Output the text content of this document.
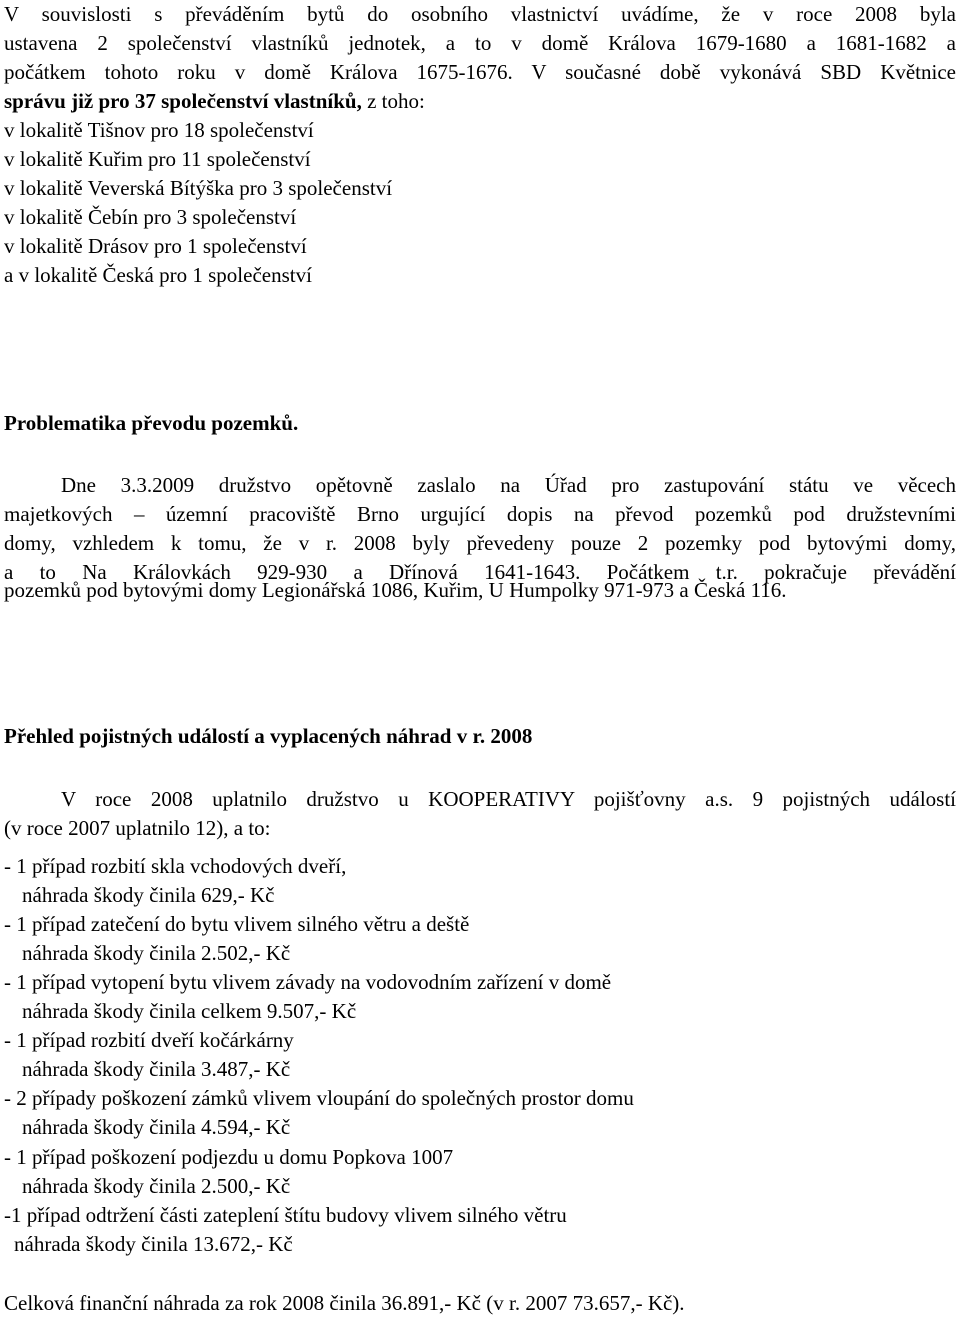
V souvislosti s převáděním bytů do osobního vlastnictví uvádíme, že v roce 2008 byla
ustavena 2 společenství vlastníků jednotek, a to v domě Králova 1679-1680 a 1681-1682 a
počátkem tohoto roku v domě Králova 1675-1676. V současné době vykonává SBD Květnice
správu již pro 37 společenství vlastníků, z toho:
v lokalitě Tišnov pro 18 společenství
v lokalitě Kuřim pro 11 společenství
v lokalitě Veverská Bítýška pro 3 společenství
v lokalitě Čebín pro 3 společenství
v lokalitě Drásov pro 1 společenství
a v lokalitě Česká pro 1 společenství
Problematika převodu pozemků.
Dne 3.3.2009 družstvo opětovně zaslalo na Úřad pro zastupování státu ve věcech
majetkových – územní pracoviště Brno urgující dopis na převod pozemků pod družstevními
domy, vzhledem k tomu, že v r. 2008 byly převedeny pouze 2 pozemky pod bytovými domy,
a to Na Královkách 929-930 a Dřínová 1641-1643. Počátkem t.r. pokračuje převádění
pozemků pod bytovými domy Legionářská 1086, Kuřim, U Humpolky 971-973 a Česká 116.
Přehled pojistných událostí a vyplacených náhrad v r. 2008
V roce 2008 uplatnilo družstvo u KOOPERATIVY pojišťovny a.s. 9 pojistných událostí
(v roce 2007 uplatnilo 12), a to:
- 1 případ rozbití skla vchodových dveří,
náhrada škody činila 629,- Kč
- 1 případ zatečení do bytu vlivem silného větru a deště
náhrada škody činila 2.502,- Kč
- 1 případ vytopení bytu vlivem závady na vodovodním zařízení v domě
náhrada škody činila celkem 9.507,- Kč
- 1 případ rozbití dveří kočárkárny
náhrada škody činila 3.487,- Kč
- 2 případy poškození zámků vlivem vloupání do společných prostor domu
náhrada škody činila 4.594,- Kč
- 1 případ poškození podjezdu u domu Popkova 1007
náhrada škody činila 2.500,- Kč
-1 případ odtržení části zateplení štítu budovy vlivem silného větru
náhrada škody činila 13.672,- Kč
Celková finanční náhrada za rok 2008 činila 36.891,- Kč (v r. 2007 73.657,- Kč).
